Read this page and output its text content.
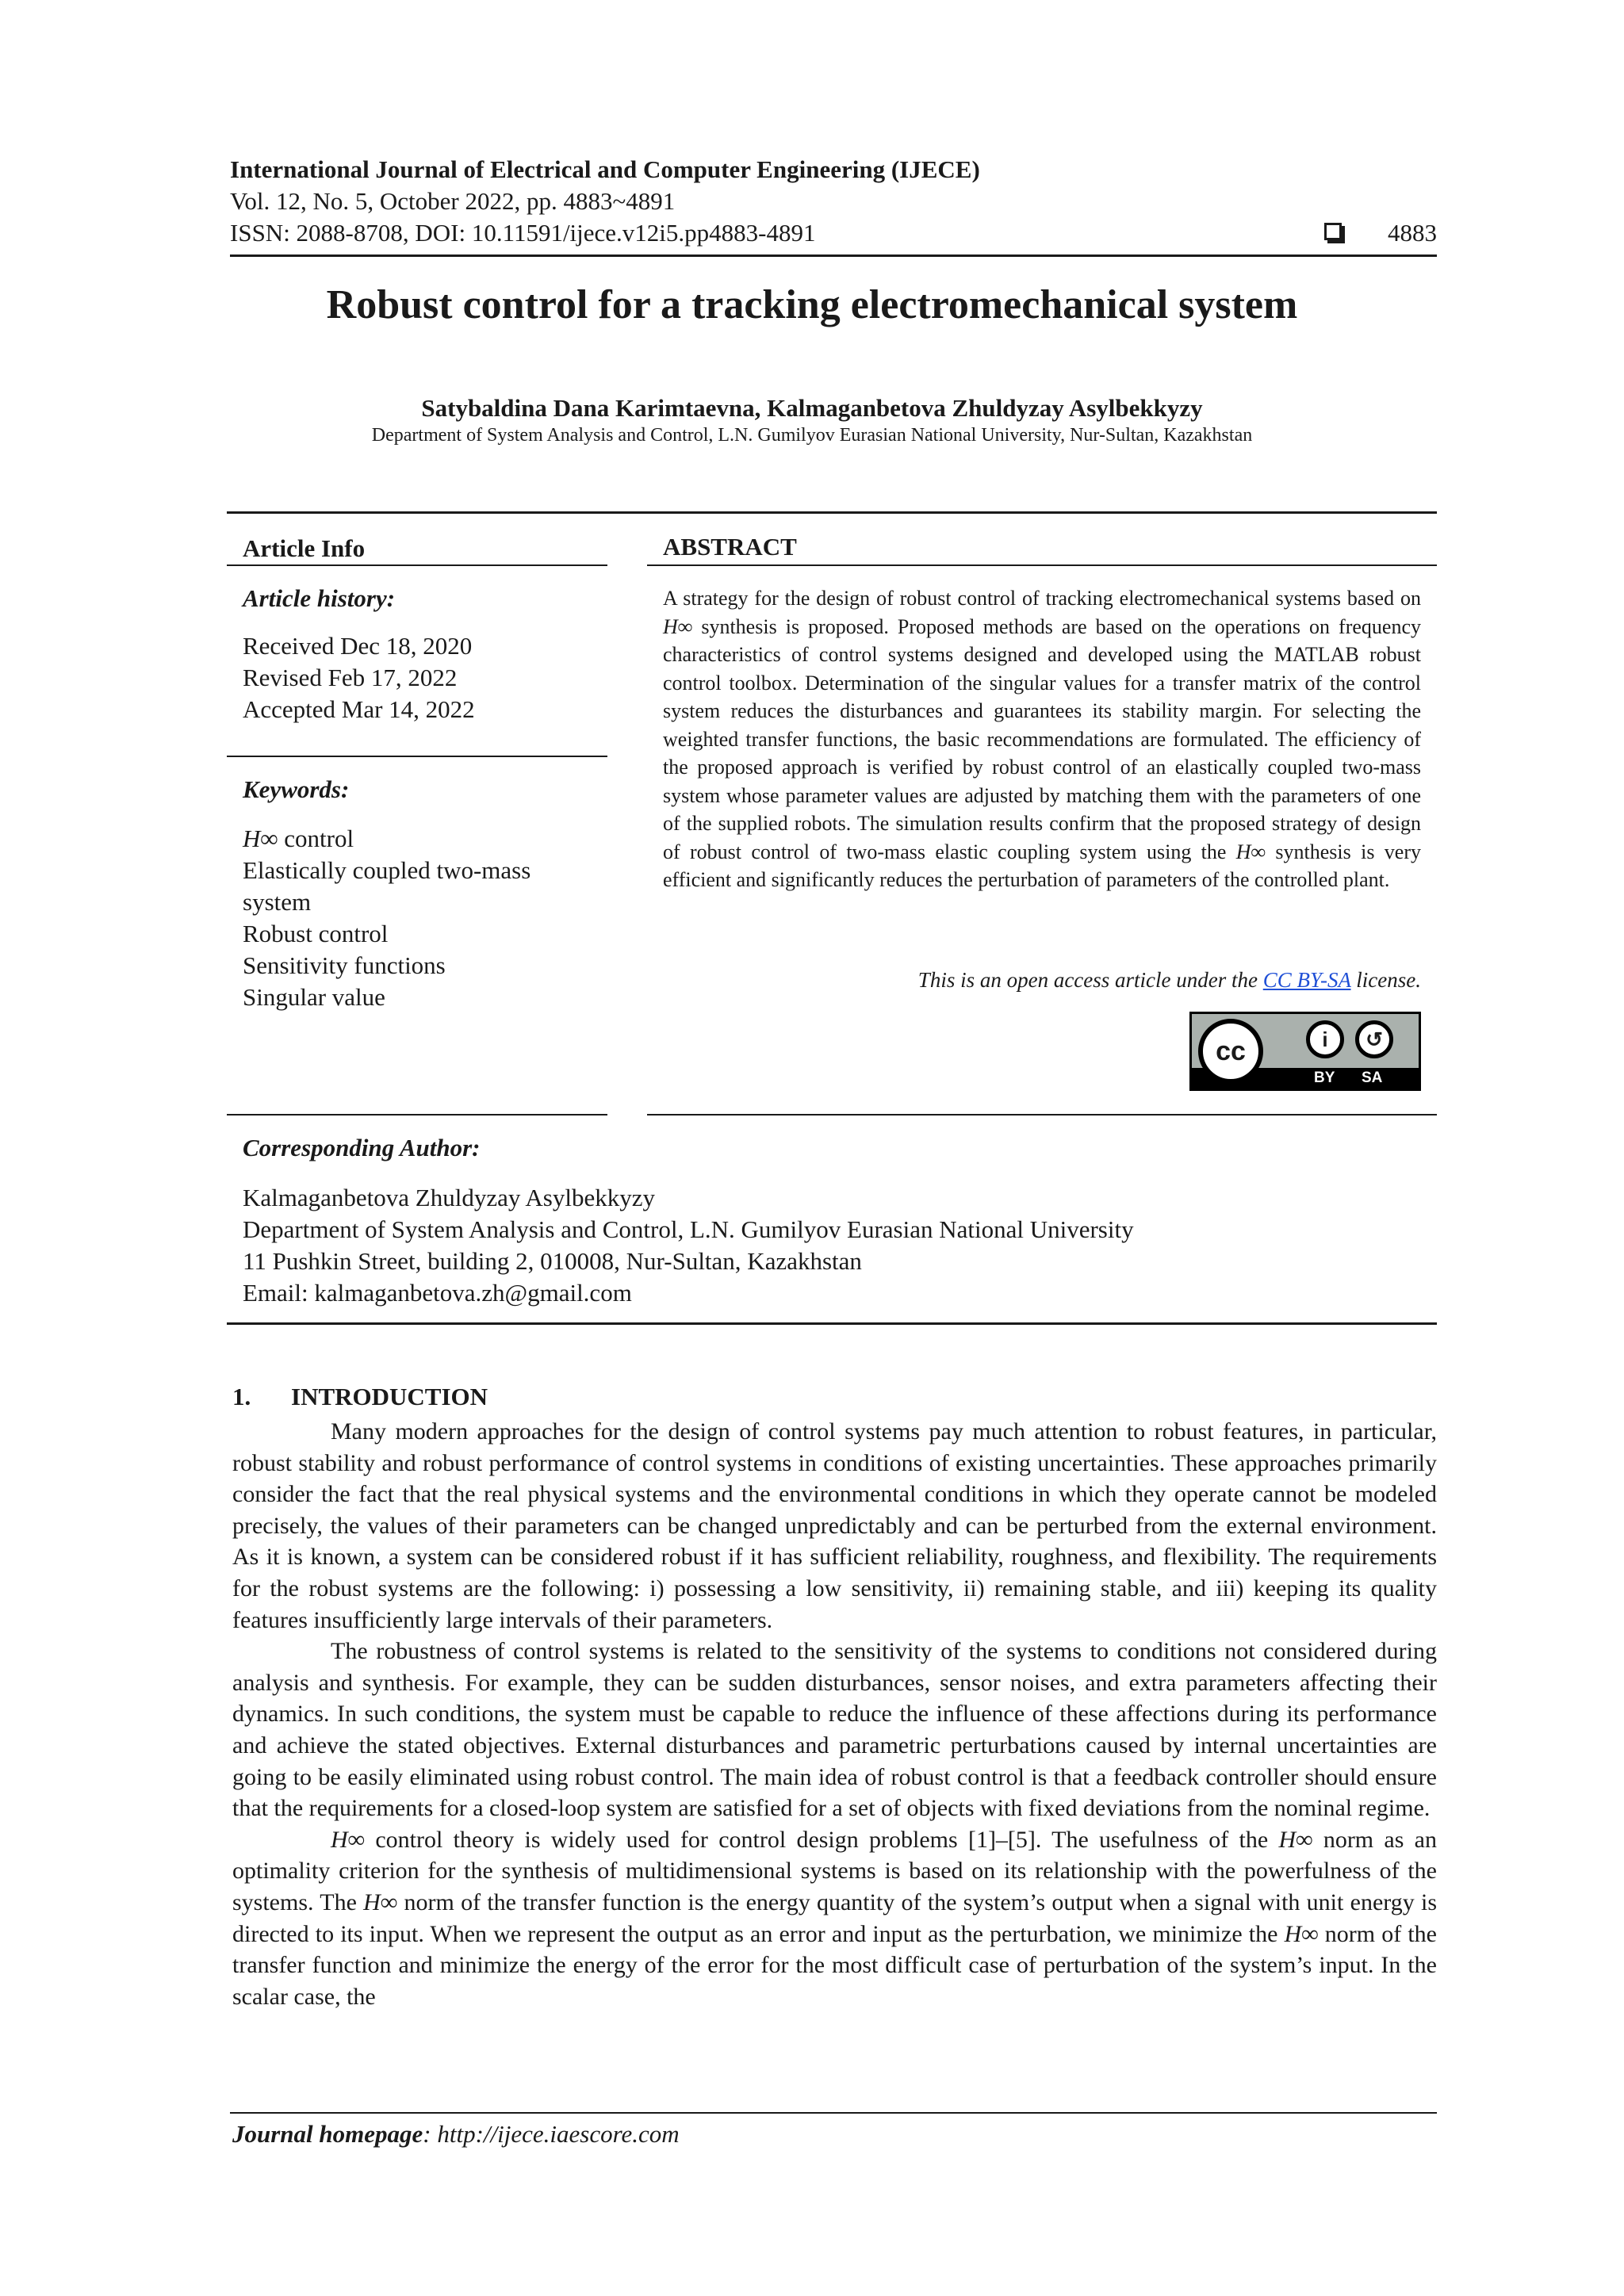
International Journal of Electrical and Computer Engineering (IJECE)
Vol. 12, No. 5, October 2022, pp. 4883~4891
ISSN: 2088-8708, DOI: 10.11591/ijece.v12i5.pp4883-4891	4883
Robust control for a tracking electromechanical system
Satybaldina Dana Karimtaevna, Kalmaganbetova Zhuldyzay Asylbekkyzy
Department of System Analysis and Control, L.N. Gumilyov Eurasian National University, Nur-Sultan, Kazakhstan
Article Info
Article history:
Received Dec 18, 2020
Revised Feb 17, 2022
Accepted Mar 14, 2022
Keywords:
H∞ control
Elastically coupled two-mass
system
Robust control
Sensitivity functions
Singular value
ABSTRACT
A strategy for the design of robust control of tracking electromechanical systems based on H∞ synthesis is proposed. Proposed methods are based on the operations on frequency characteristics of control systems designed and developed using the MATLAB robust control toolbox. Determination of the singular values for a transfer matrix of the control system reduces the disturbances and guarantees its stability margin. For selecting the weighted transfer functions, the basic recommendations are formulated. The efficiency of the proposed approach is verified by robust control of an elastically coupled two-mass system whose parameter values are adjusted by matching them with the parameters of one of the supplied robots. The simulation results confirm that the proposed strategy of design of robust control of two-mass elastic coupling system using the H∞ synthesis is very efficient and significantly reduces the perturbation of parameters of the controlled plant.
This is an open access article under the CC BY-SA license.
cc	i	↺
BY SA
Corresponding Author:
Kalmaganbetova Zhuldyzay Asylbekkyzy
Department of System Analysis and Control, L.N. Gumilyov Eurasian National University
11 Pushkin Street, building 2, 010008, Nur-Sultan, Kazakhstan
Email: kalmaganbetova.zh@gmail.com
1. INTRODUCTION

Many modern approaches for the design of control systems pay much attention to robust features, in particular, robust stability and robust performance of control systems in conditions of existing uncertainties. These approaches primarily consider the fact that the real physical systems and the environmental conditions in which they operate cannot be modeled precisely, the values of their parameters can be changed unpredictably and can be perturbed from the external environment. As it is known, a system can be considered robust if it has sufficient reliability, roughness, and flexibility. The requirements for the robust systems are the following: i) possessing a low sensitivity, ii) remaining stable, and iii) keeping its quality features insufficiently large intervals of their parameters.

The robustness of control systems is related to the sensitivity of the systems to conditions not considered during analysis and synthesis. For example, they can be sudden disturbances, sensor noises, and extra parameters affecting their dynamics. In such conditions, the system must be capable to reduce the influence of these affections during its performance and achieve the stated objectives. External disturbances and parametric perturbations caused by internal uncertainties are going to be easily eliminated using robust control. The main idea of robust control is that a feedback controller should ensure that the requirements for a closed-loop system are satisfied for a set of objects with fixed deviations from the nominal regime.

H∞ control theory is widely used for control design problems [1]–[5]. The usefulness of the H∞ norm as an optimality criterion for the synthesis of multidimensional systems is based on its relationship with the powerfulness of the systems. The H∞ norm of the transfer function is the energy quantity of the system’s output when a signal with unit energy is directed to its input. When we represent the output as an error and input as the perturbation, we minimize the H∞ norm of the transfer function and minimize the energy of the error for the most difficult case of perturbation of the system’s input. In the scalar case, the

Journal homepage: http://ijece.iaescore.com
